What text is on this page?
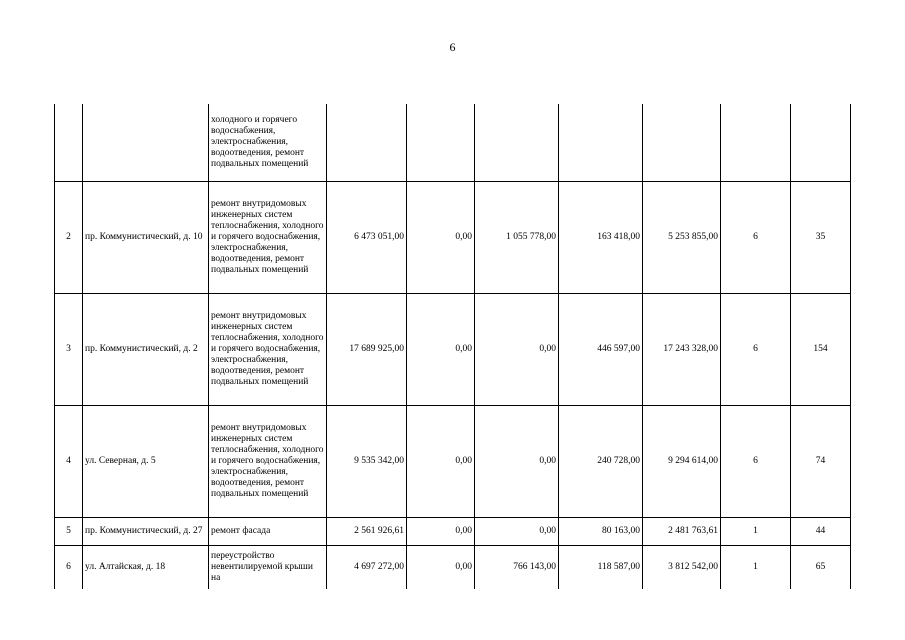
6
		холодного и горячего водоснабжения, электроснабжения, водоотведения, ремонт подвальных помещений							
2	пр. Коммунистический, д. 10	ремонт внутридомовых инженерных систем теплоснабжения, холодного и горячего водоснабжения, электроснабжения, водоотведения, ремонт подвальных помещений	6 473 051,00	0,00	1 055 778,00	163 418,00	5 253 855,00	6	35
3	пр. Коммунистический, д. 2	ремонт внутридомовых инженерных систем теплоснабжения, холодного и горячего водоснабжения, электроснабжения, водоотведения, ремонт подвальных помещений	17 689 925,00	0,00	0,00	446 597,00	17 243 328,00	6	154
4	ул. Северная, д. 5	ремонт внутридомовых инженерных систем теплоснабжения, холодного и горячего водоснабжения, электроснабжения, водоотведения, ремонт подвальных помещений	9 535 342,00	0,00	0,00	240 728,00	9 294 614,00	6	74
5	пр. Коммунистический, д. 27	ремонт фасада	2 561 926,61	0,00	0,00	80 163,00	2 481 763,61	1	44
6	ул. Алтайская, д. 18	переустройство невентилируемой крыши на	4 697 272,00	0,00	766 143,00	118 587,00	3 812 542,00	1	65
